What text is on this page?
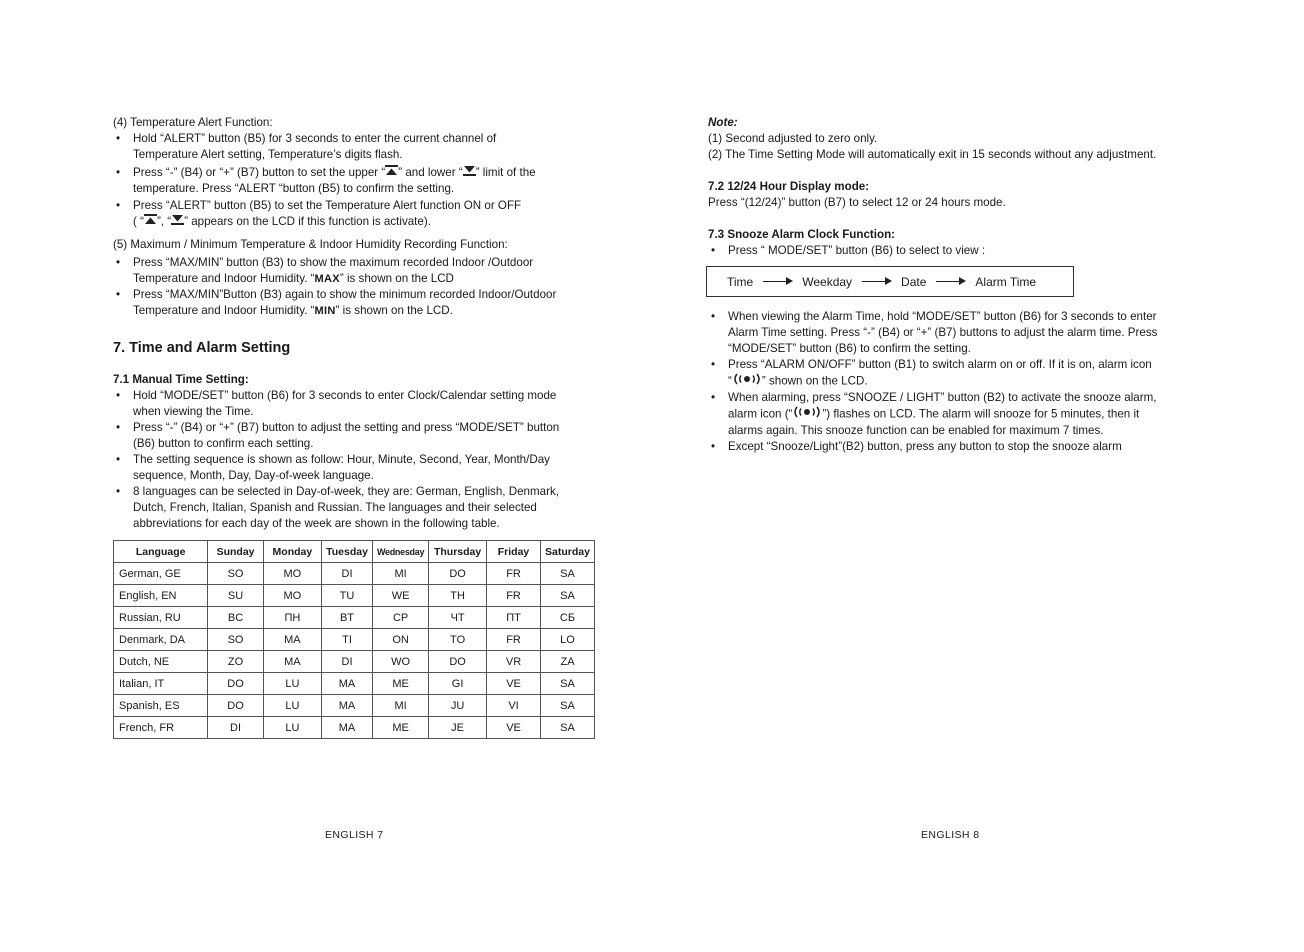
(4) Temperature Alert Function:
• Hold “ALERT” button (B5) for 3 seconds to enter the current channel of
Temperature Alert setting, Temperature’s digits flash.
• Press “-” (B4) or “+” (B7) button to set the upper “ ” and lower “ ” limit of the
temperature. Press “ALERT “button (B5) to confirm the setting.
• Press “ALERT” button (B5) to set the Temperature Alert function ON or OFF
( “ ”, “ ” appears on the LCD if this function is activate).
(5) Maximum / Minimum Temperature & Indoor Humidity Recording Function:
• Press “MAX/MIN” button (B3) to show the maximum recorded Indoor /Outdoor
Temperature and Indoor Humidity. “MAX” is shown on the LCD
• Press “MAX/MIN”Button (B3) again to show the minimum recorded Indoor/Outdoor
Temperature and Indoor Humidity. “MIN” is shown on the LCD.
7. Time and Alarm Setting
7.1 Manual Time Setting:
• Hold “MODE/SET” button (B6) for 3 seconds to enter Clock/Calendar setting mode
when viewing the Time.
• Press “-” (B4) or “+” (B7) button to adjust the setting and press “MODE/SET” button
(B6) button to confirm each setting.
• The setting sequence is shown as follow: Hour, Minute, Second, Year, Month/Day
sequence, Month, Day, Day-of-week language.
• 8 languages can be selected in Day-of-week, they are: German, English, Denmark,
Dutch, French, Italian, Spanish and Russian. The languages and their selected
abbreviations for each day of the week are shown in the following table.
Language	Sunday	Monday	Tuesday	Wednesday	Thursday	Friday	Saturday
German, GE	SO	MO	DI	MI	DO	FR	SA
English, EN	SU	MO	TU	WE	TH	FR	SA
Russian, RU	BC	ПН	BT	CP	ЧТ	ПТ	CБ
Denmark, DA	SO	MA	TI	ON	TO	FR	LO
Dutch, NE	ZO	MA	DI	WO	DO	VR	ZA
Italian, IT	DO	LU	MA	ME	GI	VE	SA
Spanish, ES	DO	LU	MA	MI	JU	VI	SA
French, FR	DI	LU	MA	ME	JE	VE	SA
ENGLISH 7
Note:
(1) Second adjusted to zero only.
(2) The Time Setting Mode will automatically exit in 15 seconds without any adjustment.
7.2 12/24 Hour Display mode:
Press “(12/24)” button (B7) to select 12 or 24 hours mode.
7.3 Snooze Alarm Clock Function:
• Press “ MODE/SET” button (B6) to select to view :
Time	Weekday	Date	Alarm Time
• When viewing the Alarm Time, hold “MODE/SET” button (B6) for 3 seconds to enter
Alarm Time setting. Press “-” (B4) or “+” (B7) buttons to adjust the alarm time. Press
“MODE/SET” button (B6) to confirm the setting.
• Press “ALARM ON/OFF” button (B1) to switch alarm on or off. If it is on, alarm icon
“	” shown on the LCD.
• When alarming, press “SNOOZE / LIGHT” button (B2) to activate the snooze alarm,
alarm icon (“	”) flashes on LCD. The alarm will snooze for 5 minutes, then it
alarms again. This snooze function can be enabled for maximum 7 times.
• Except “Snooze/Light”(B2) button, press any button to stop the snooze alarm
ENGLISH 8
